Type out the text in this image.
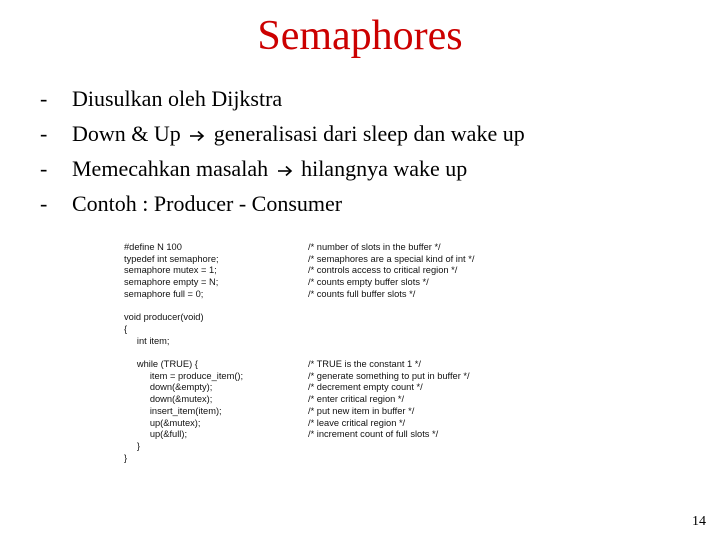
Semaphores
- Diusulkan oleh Dijkstra
- Down & Up generalisasi dari sleep dan wake up
- Memecahkan masalah hilangnya wake up
- Contoh : Producer - Consumer
#define N 100	/* number of slots in the buffer */
typedef int semaphore;	/* semaphores are a special kind of int */
semaphore mutex = 1;	/* controls access to critical region */
semaphore empty = N;	/* counts empty buffer slots */
semaphore full = 0;	/* counts full buffer slots */
void producer(void)
{
int item;
while (TRUE) {	/* TRUE is the constant 1 */
item = produce_item();	/* generate something to put in buffer */
down(&empty);	/* decrement empty count */
down(&mutex);	/* enter critical region */
insert_item(item);	/* put new item in buffer */
up(&mutex);	/* leave critical region */
up(&full);	/* increment count of full slots */
}
}
14
